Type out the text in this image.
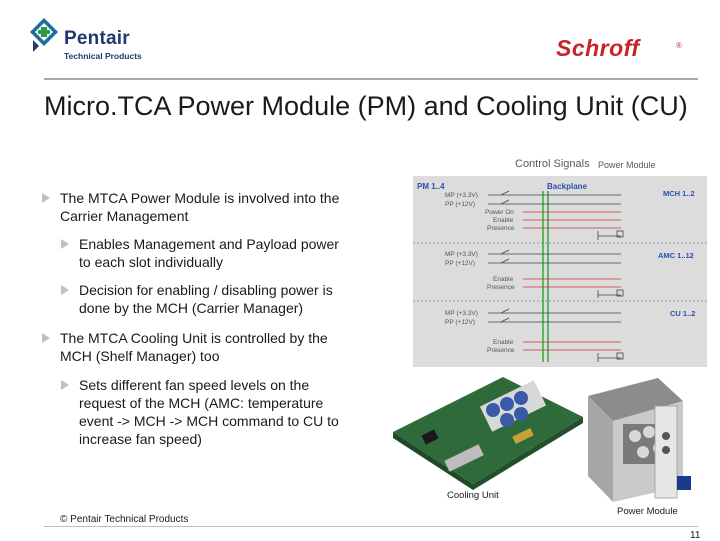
Pentair
Technical Products	Schroff	®
Micro.TCA Power Module (PM) and Cooling Unit (CU)
The MTCA Power Module is involved into the Carrier Management
Enables Management and Payload power to each slot individually
Decision for enabling / disabling power is done by the MCH (Carrier Manager)
The MTCA Cooling Unit is controlled by the MCH (Shelf Manager) too
Sets different fan speed levels on the request of the MCH (AMC: temperature event -> MCH -> MCH command to CU to increase fan speed)
Control Signals Power Module
PM 1..4	Backplane
MP (+3.3V)
PP (+12V)
Power On
Enable
Presence
MCH 1..2
MP (+3.3V)
PP (+12V)
Enable
Presence
AMC 1..12
MP (+3.3V)
PP (+12V)
Enable
Presence
CU 1..2
Cooling Unit
Power Module
© Pentair Technical Products
11
